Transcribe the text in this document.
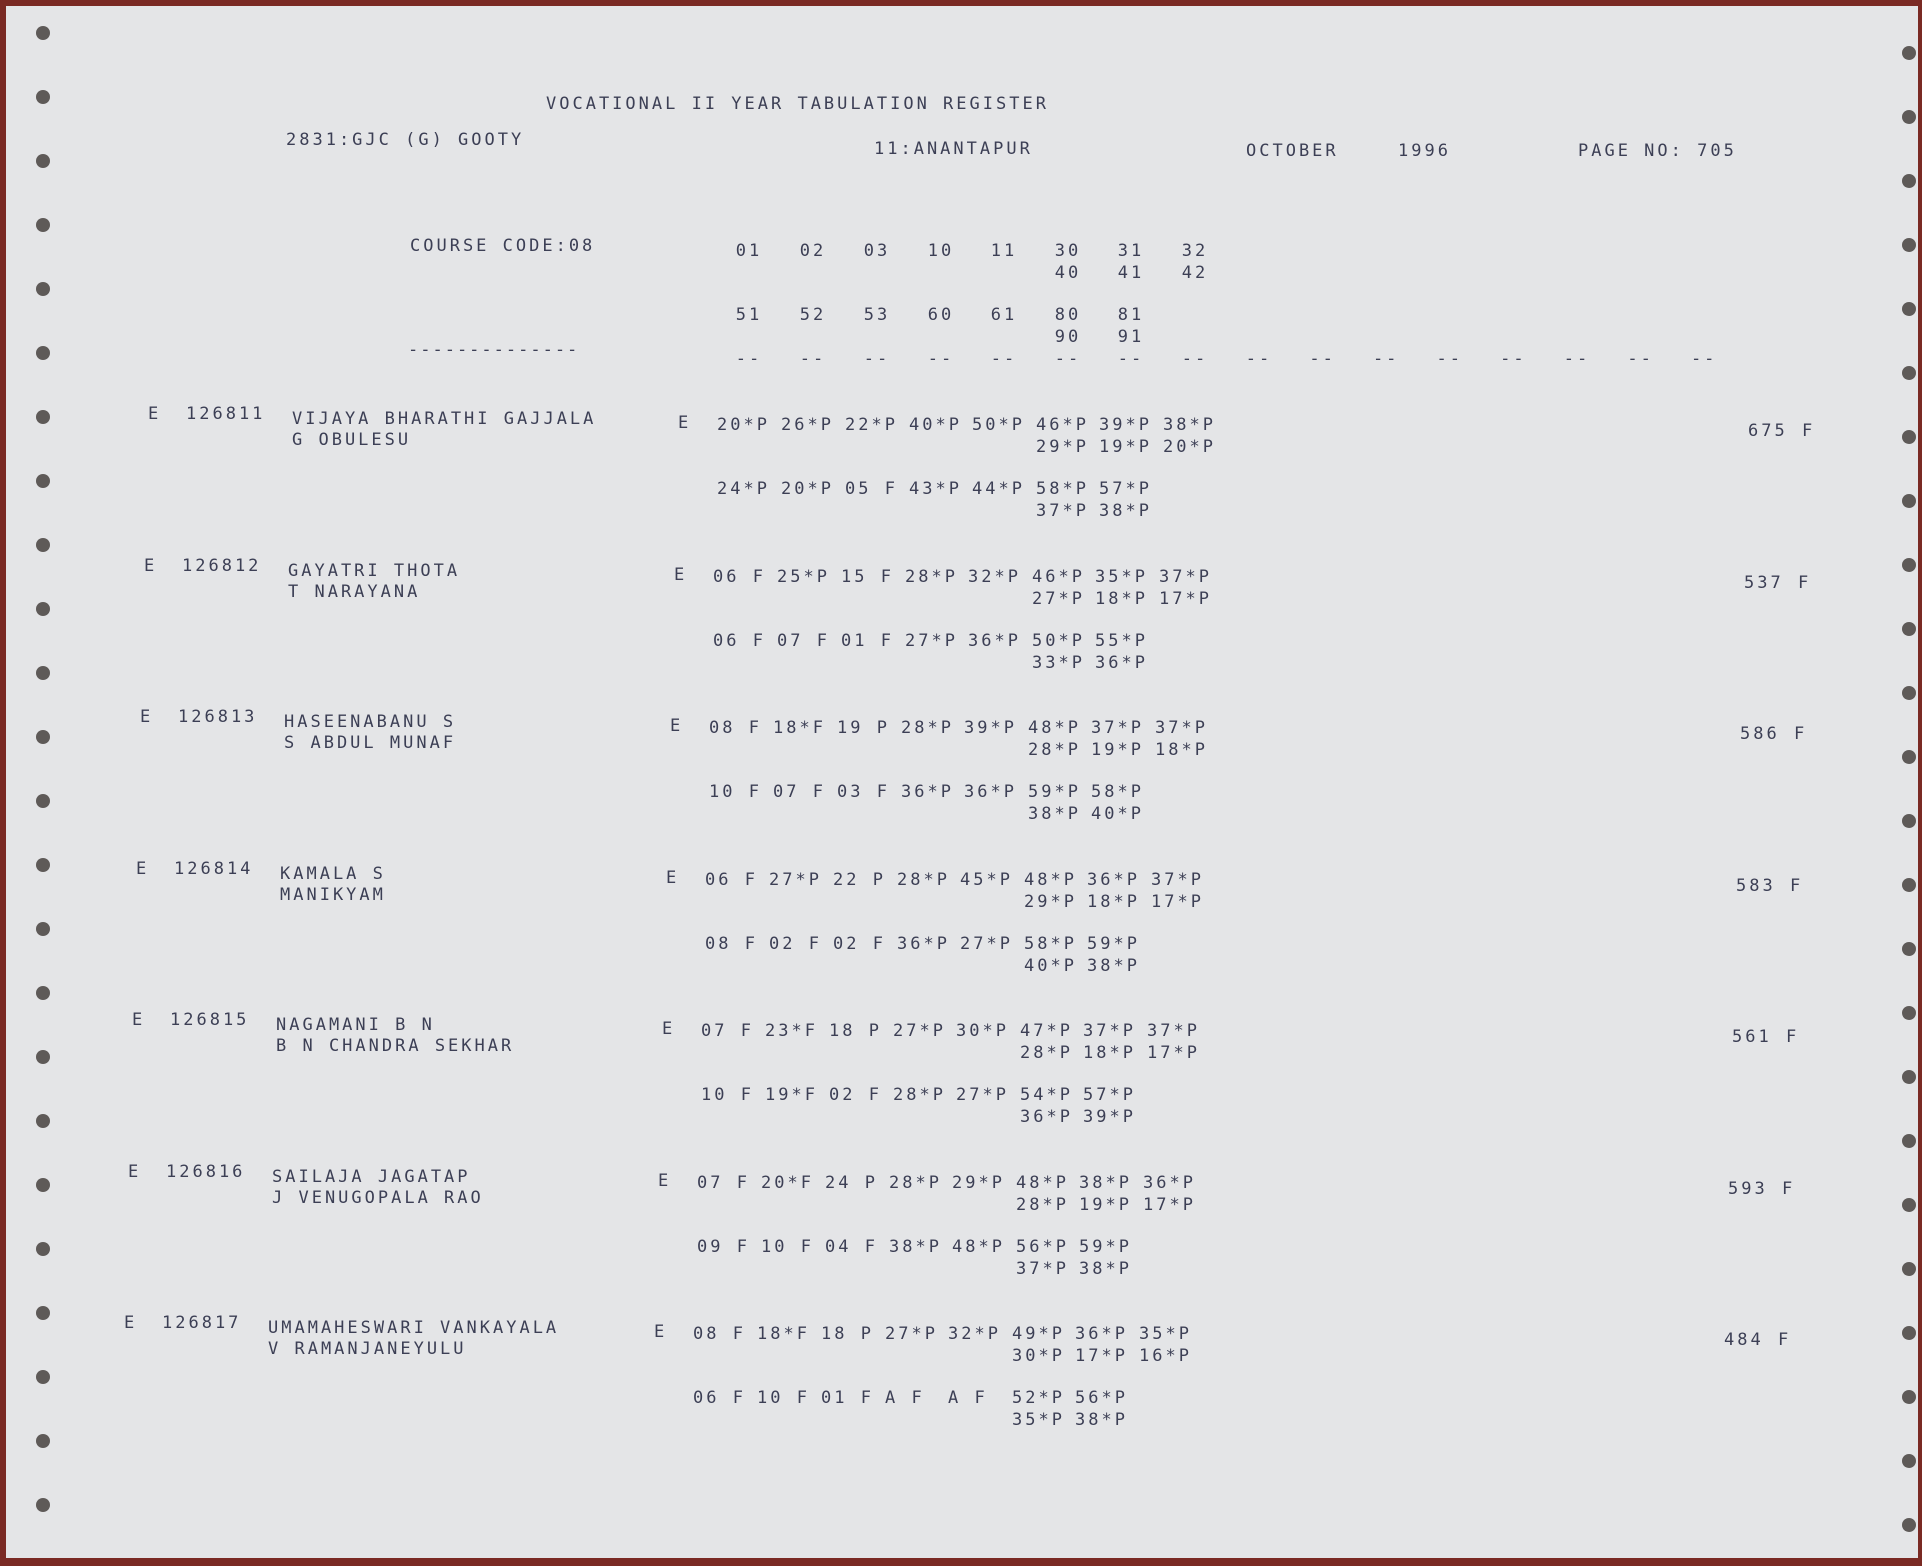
VOCATIONAL II YEAR TABULATION REGISTER
2831:GJC (G) GOOTY	11:ANANTAPUR	OCTOBER	1996	PAGE NO: 705
COURSE CODE:08
--------------
01	02	03	10	11	30	31	32
40	41	42
51	52	53	60	61	80	81
90	91
--	--	--	--	--	--	--	--	--	--	--	--	--	--	--	--
E 126811 VIJAYA BHARATHI GAJJALA
G OBULESU
E 20*P 26*P 22*P 40*P 50*P 46*P 39*P 38*P
29*P 19*P 20*P
24*P 20*P 05 F 43*P 44*P 58*P 57*P
37*P 38*P
675 F
E 126812 GAYATRI THOTA
T NARAYANA
E 06 F 25*P 15 F 28*P 32*P 46*P 35*P 37*P
27*P 18*P 17*P
06 F 07 F 01 F 27*P 36*P 50*P 55*P
33*P 36*P
537 F
E 126813 HASEENABANU S
S ABDUL MUNAF
E 08 F 18*F 19 P 28*P 39*P 48*P 37*P 37*P
28*P 19*P 18*P
10 F 07 F 03 F 36*P 36*P 59*P 58*P
38*P 40*P
586 F
E 126814 KAMALA S
MANIKYAM
E 06 F 27*P 22 P 28*P 45*P 48*P 36*P 37*P
29*P 18*P 17*P
08 F 02 F 02 F 36*P 27*P 58*P 59*P
40*P 38*P
583 F
E 126815 NAGAMANI B N
B N CHANDRA SEKHAR
E 07 F 23*F 18 P 27*P 30*P 47*P 37*P 37*P
28*P 18*P 17*P
10 F 19*F 02 F 28*P 27*P 54*P 57*P
36*P 39*P
561 F
E 126816 SAILAJA JAGATAP
J VENUGOPALA RAO
E 07 F 20*F 24 P 28*P 29*P 48*P 38*P 36*P
28*P 19*P 17*P
09 F 10 F 04 F 38*P 48*P 56*P 59*P
37*P 38*P
593 F
E 126817 UMAMAHESWARI VANKAYALA
V RAMANJANEYULU
E 08 F 18*F 18 P 27*P 32*P 49*P 36*P 35*P
30*P 17*P 16*P
06 F 10 F 01 F A F	A F	52*P 56*P
35*P 38*P
484 F
